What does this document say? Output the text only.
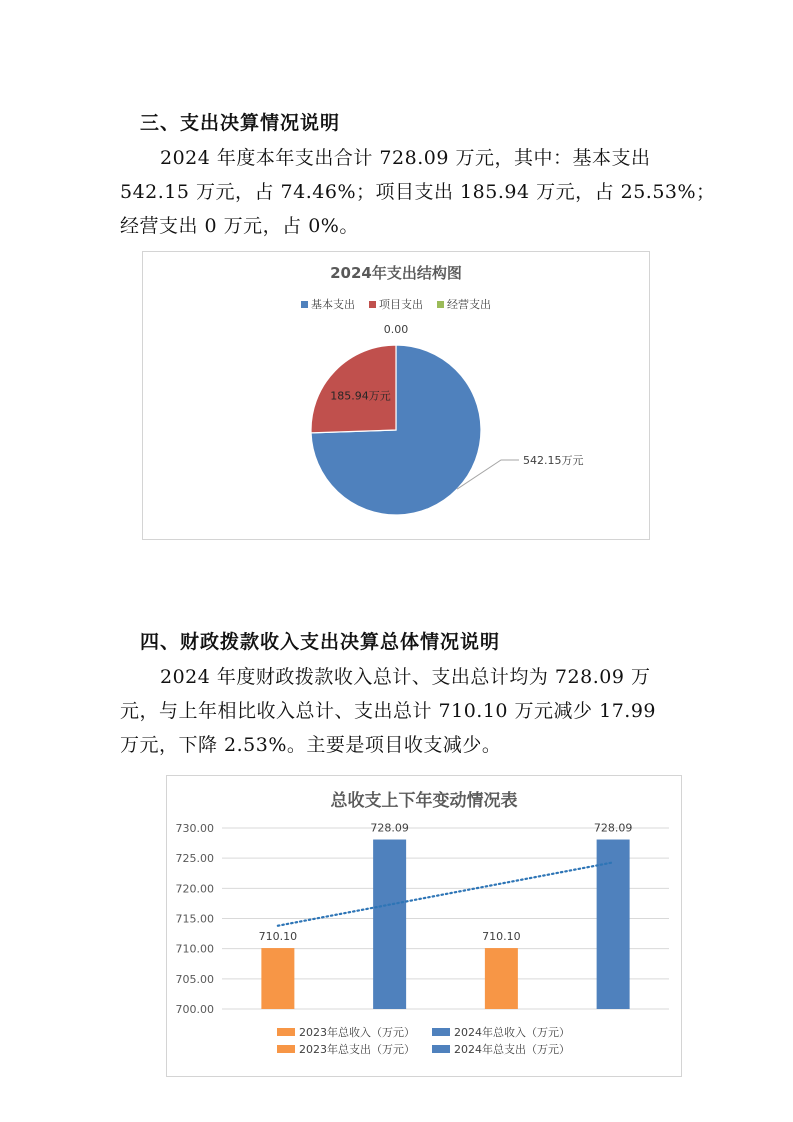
三、支出决算情况说明
2024 年度本年支出合计 728.09 万元，其中：基本支出
542.15 万元，占 74.46%；项目支出 185.94 万元，占 25.53%；
经营支出 0 万元，占 0%。
2024年支出结构图
基本支出 项目支出 经营支出
542.15万元
185.94万元
0.00
四、财政拨款收入支出决算总体情况说明
2024 年度财政拨款收入总计、支出总计均为 728.09 万
元，与上年相比收入总计、支出总计 710.10 万元减少 17.99
万元，下降 2.53%。主要是项目收支减少。
总收支上下年变动情况表
700.00
705.00
710.00
715.00
720.00
725.00
730.00
710.10
728.09
710.10
728.09
2023年总收入（万元）	2024年总收入（万元）
2023年总支出（万元）	2024年总支出（万元）
